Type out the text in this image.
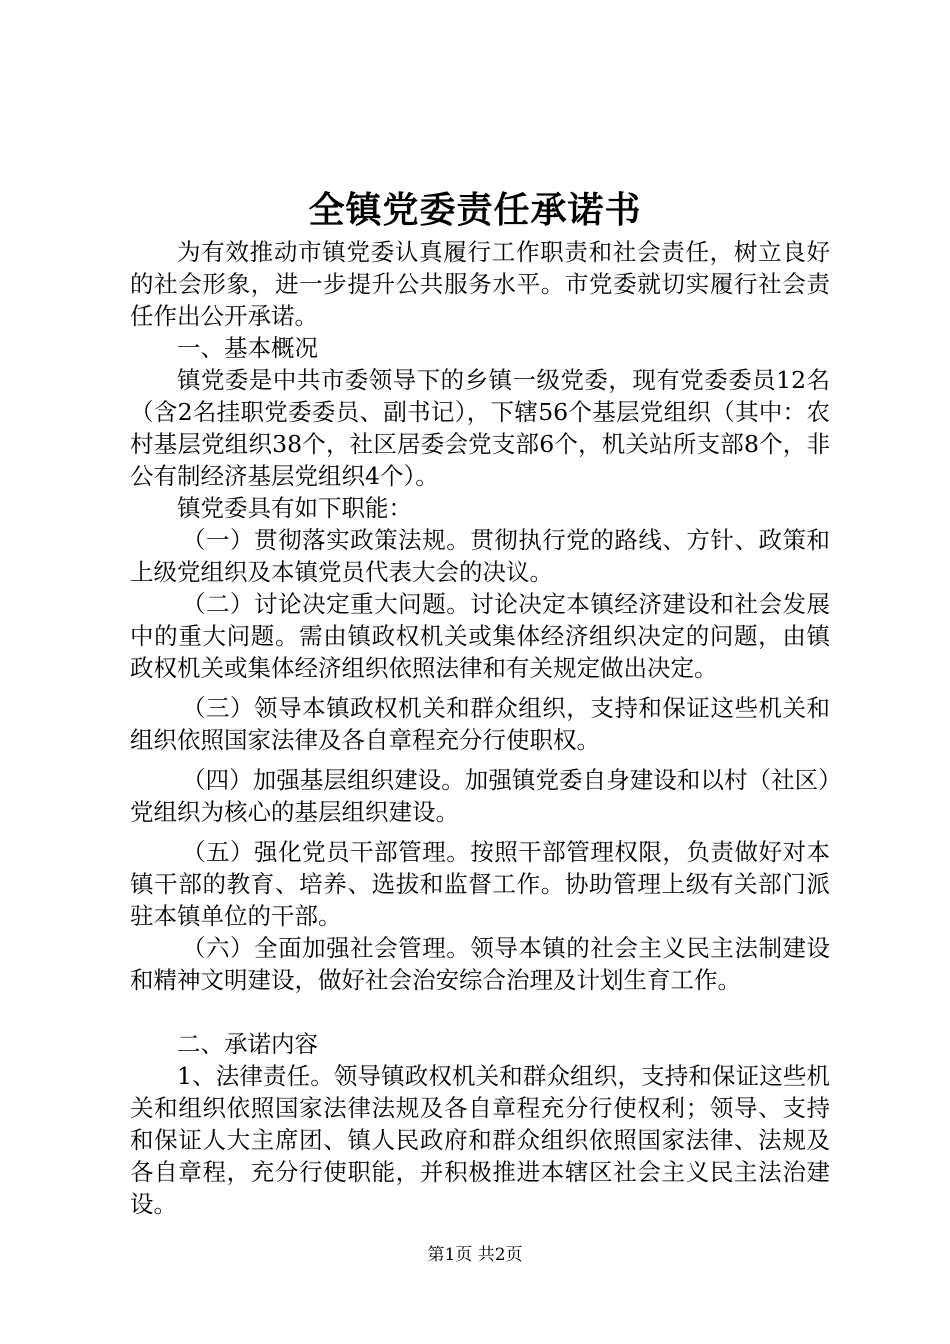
全镇党委责任承诺书

为有效推动市镇党委认真履行工作职责和社会责任，树立良好的社会形象，进一步提升公共服务水平。市党委就切实履行社会责任作出公开承诺。

一、基本概况

镇党委是中共市委领导下的乡镇一级党委，现有党委委员12名（含2名挂职党委委员、副书记），下辖56个基层党组织（其中：农村基层党组织38个，社区居委会党支部6个，机关站所支部8个，非公有制经济基层党组织4个）。

镇党委具有如下职能：

（一）贯彻落实政策法规。贯彻执行党的路线、方针、政策和上级党组织及本镇党员代表大会的决议。

（二）讨论决定重大问题。讨论决定本镇经济建设和社会发展中的重大问题。需由镇政权机关或集体经济组织决定的问题，由镇政权机关或集体经济组织依照法律和有关规定做出决定。

（三）领导本镇政权机关和群众组织，支持和保证这些机关和组织依照国家法律及各自章程充分行使职权。

（四）加强基层组织建设。加强镇党委自身建设和以村（社区）党组织为核心的基层组织建设。

（五）强化党员干部管理。按照干部管理权限，负责做好对本镇干部的教育、培养、选拔和监督工作。协助管理上级有关部门派驻本镇单位的干部。

（六）全面加强社会管理。领导本镇的社会主义民主法制建设和精神文明建设，做好社会治安综合治理及计划生育工作。

二、承诺内容

1、法律责任。领导镇政权机关和群众组织，支持和保证这些机关和组织依照国家法律法规及各自章程充分行使权利；领导、支持和保证人大主席团、镇人民政府和群众组织依照国家法律、法规及各自章程，充分行使职能，并积极推进本辖区社会主义民主法治建设。

第1页 共2页
